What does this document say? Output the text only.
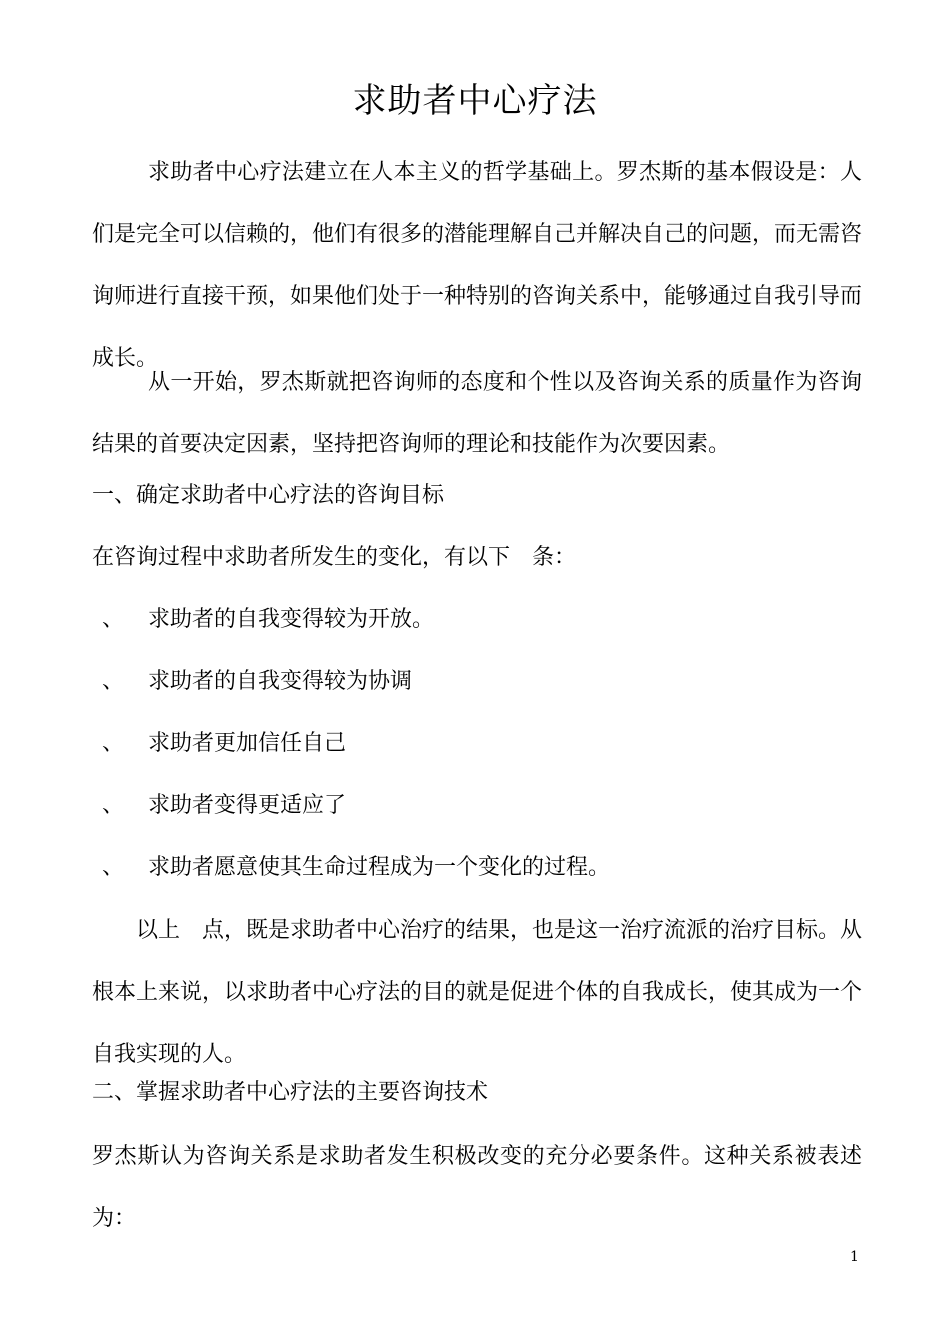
求助者中心疗法

求助者中心疗法建立在人本主义的哲学基础上。罗杰斯的基本假设是：人们是完全可以信赖的，他们有很多的潜能理解自己并解决自己的问题，而无需咨询师进行直接干预，如果他们处于一种特别的咨询关系中，能够通过自我引导而成长。

从一开始，罗杰斯就把咨询师的态度和个性以及咨询关系的质量作为咨询结果的首要决定因素，坚持把咨询师的理论和技能作为次要因素。

一、确定求助者中心疗法的咨询目标

在咨询过程中求助者所发生的变化，有以下　条：

、 求助者的自我变得较为开放。

、 求助者的自我变得较为协调

、 求助者更加信任自己

、 求助者变得更适应了

、 求助者愿意使其生命过程成为一个变化的过程。

以上　点，既是求助者中心治疗的结果，也是这一治疗流派的治疗目标。从根本上来说，以求助者中心疗法的目的就是促进个体的自我成长，使其成为一个自我实现的人。

二、掌握求助者中心疗法的主要咨询技术

罗杰斯认为咨询关系是求助者发生积极改变的充分必要条件。这种关系被表述为：

1
